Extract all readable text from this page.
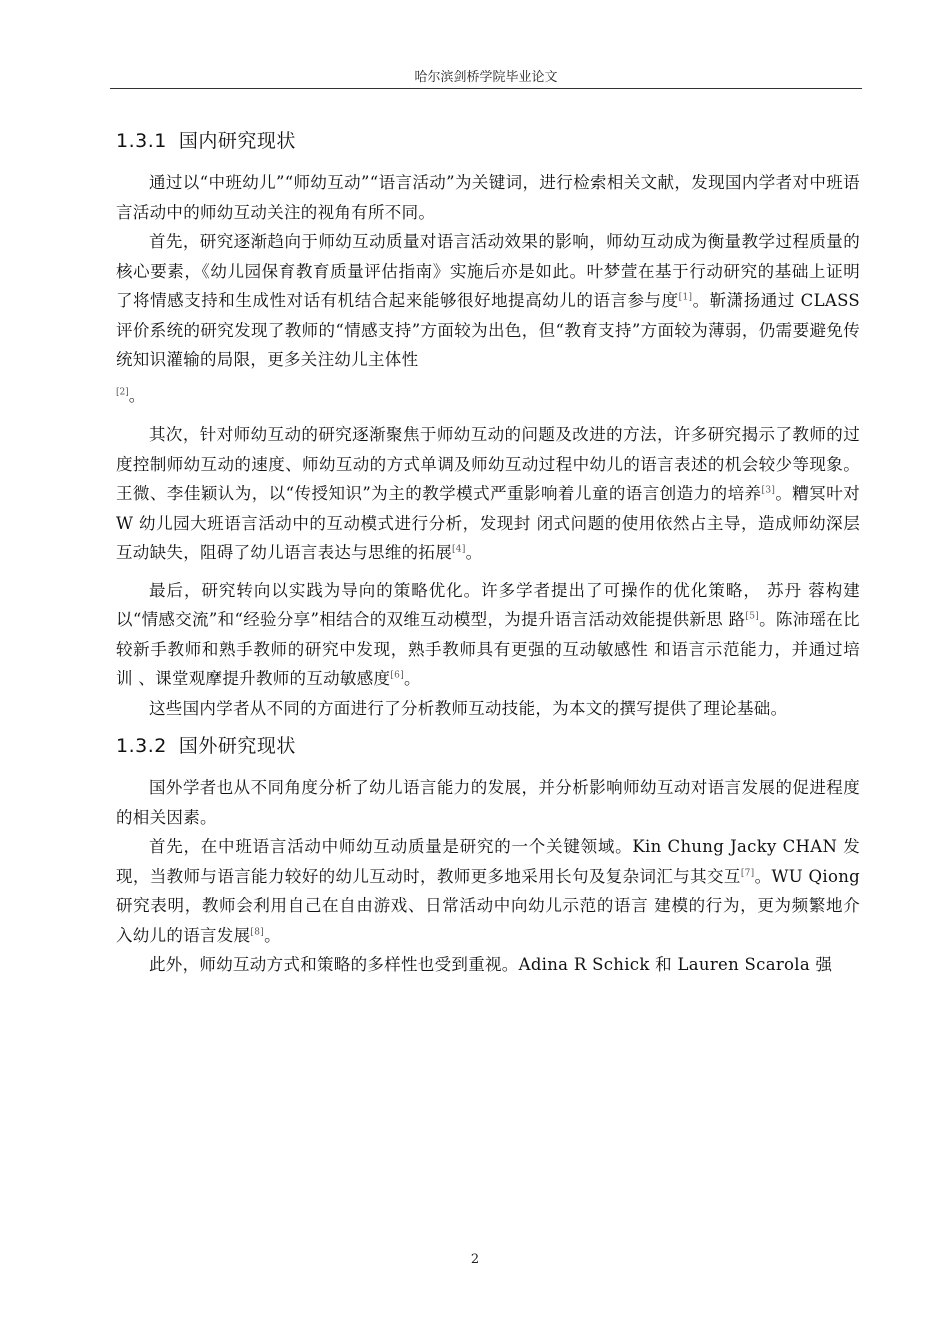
哈尔滨剑桥学院毕业论文
1.3.1 国内研究现状

通过以“中班幼儿”“师幼互动”“语言活动”为关键词，进行检索相关文献，发现国内学者对中班语言活动中的师幼互动关注的视角有所不同。

首先，研究逐渐趋向于师幼互动质量对语言活动效果的影响，师幼互动成为衡量教学过程质量的核心要素，《幼儿园保育教育质量评估指南》实施后亦是如此。叶梦萱在基于行动研究的基础上证明了将情感支持和生成性对话有机结合起来能够很好地提高幼儿的语言参与度[1]。靳潇扬通过 CLASS 评价系统的研究发现了教师的“情感支持”方面较为出色，但“教育支持”方面较为薄弱，仍需要避免传统知识灌输的局限，更多关注幼儿主体性

[2]。

其次，针对师幼互动的研究逐渐聚焦于师幼互动的问题及改进的方法，许多研究揭示了教师的过度控制师幼互动的速度、师幼互动的方式单调及师幼互动过程中幼儿的语言表述的机会较少等现象。王微、李佳颖认为，以“传授知识”为主的教学模式严重影响着儿童的语言创造力的培养[3]。糟冥叶对 W 幼儿园大班语言活动中的互动模式进行分析，发现封 闭式问题的使用依然占主导，造成师幼深层互动缺失，阻碍了幼儿语言表达与思维的拓展[4]。

最后，研究转向以实践为导向的策略优化。许多学者提出了可操作的优化策略， 苏丹 蓉构建以“情感交流”和“经验分享”相结合的双维互动模型，为提升语言活动效能提供新思 路[5]。陈沛瑶在比较新手教师和熟手教师的研究中发现，熟手教师具有更强的互动敏感性 和语言示范能力，并通过培训 、课堂观摩提升教师的互动敏感度[6]。

这些国内学者从不同的方面进行了分析教师互动技能，为本文的撰写提供了理论基础。

1.3.2 国外研究现状

国外学者也从不同角度分析了幼儿语言能力的发展，并分析影响师幼互动对语言发展的促进程度的相关因素。

首先，在中班语言活动中师幼互动质量是研究的一个关键领域。Kin Chung Jacky CHAN 发现，当教师与语言能力较好的幼儿互动时，教师更多地采用长句及复杂词汇与其交互[7]。WU Qiong 研究表明，教师会利用自己在自由游戏、日常活动中向幼儿示范的语言 建模的行为，更为频繁地介入幼儿的语言发展[8]。

此外，师幼互动方式和策略的多样性也受到重视。Adina R Schick 和 Lauren Scarola 强

2
